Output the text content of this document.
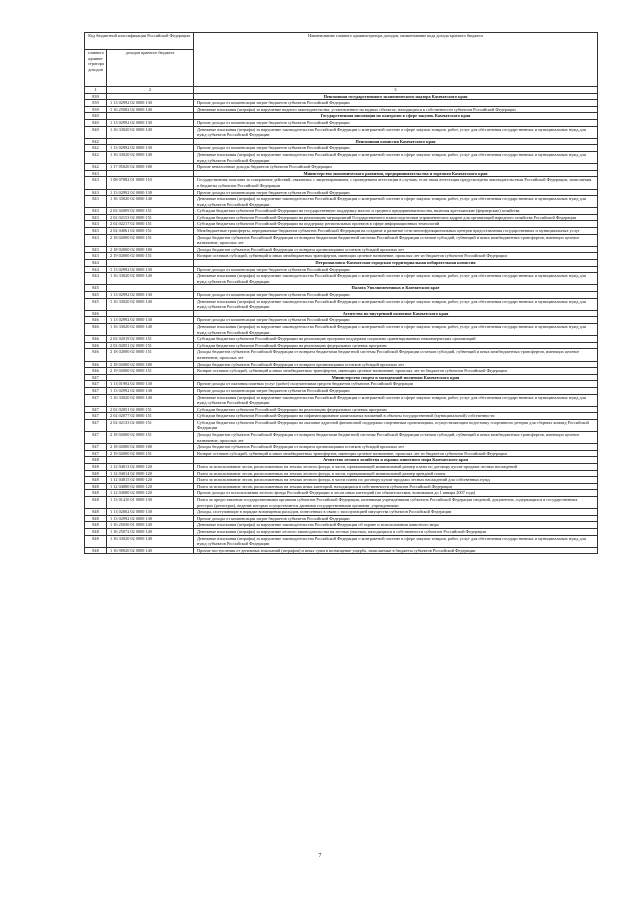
Код бюджетной классификации Российской Федерации		Наименование главного администратора доходов, наименование кода дохода краевого бюджета
главного админи-стратора доходов	доходов краевого бюджета	
1	2	3
839		Пенсионная государственного экономического надзора Камчатского края
839	1 13 02992 02 0000 130	Прочие доходы от компенсации затрат бюджетов субъектов Российской Федерации
839	1 16 25082 02 0000 140	Денежные взыскания (штрафы) за нарушение водного законодательства, установленное на водных объектах, находящихся в собственности субъектов Российской Федерации
840		Государственная инспекция по контролю в сфере закупок Камчатского края
840	1 13 02992 02 0000 130	Прочие доходы от компенсации затрат бюджетов субъектов Российской Федерации
840	1 16 33020 02 0000 140	Денежные взыскания (штрафы) за нарушение законодательства Российской Федерации о контрактной системе в сфере закупок товаров, работ, услуг для обеспечения государственных и муниципальных нужд для нужд субъектов Российской Федерации
842		Пенсионная комиссия Камчатского края
842	1 13 02992 02 0000 130	Прочие доходы от компенсации затрат бюджетов субъектов Российской Федерации
842	1 16 33020 02 0000 140	Денежные взыскания (штрафы) за нарушение законодательства Российской Федерации о контрактной системе в сфере закупок товаров, работ, услуг для обеспечения государственных и муниципальных нужд для нужд субъектов Российской Федерации
842	1 17 05020 02 0000 180	Прочие неналоговые доходы бюджетов субъектов Российской Федерации
843		Министерство экономического развития, предпринимательства и торговли Камчатского края
843	1 08 07082 01 0000 110	Государственная пошлина за совершение действий, связанных с лицензированием, с проведением аттестации в случаях, если такая аттестация предусмотрена законодательством Российской Федерации, зачисляемая в бюджеты субъектов Российской Федерации
843	1 13 02992 02 0000 130	Прочие доходы от компенсации затрат бюджетов субъектов Российской Федерации
843	1 16 33020 02 0000 140	Денежные взыскания (штрафы) за нарушение законодательства Российской Федерации о контрактной системе в сфере закупок товаров, работ, услуг для обеспечения государственных и муниципальных нужд для нужд субъектов Российской Федерации
843	2 02 02009 02 0000 151	Субсидии бюджетам субъектов Российской Федерации на государственную поддержку малого и среднего предпринимательства, включая крестьянские (фермерские) хозяйства
843	2 02 02153 02 0000 151	Субсидии бюджетам субъектов Российской Федерации на реализацию мероприятий Государственного плана подготовки управленческих кадров для организаций народного хозяйства Российской Федерации
843	2 02 02217 02 0000 151	Субсидии бюджетам субъектов Российской Федерации на поддержку региональных проектов в сфере информационных технологий
843	2 02 04061 02 0000 151	Межбюджетные трансферты, передаваемые бюджетам субъектов Российской Федерации на создание и развитие сети многофункциональных центров предоставления государственных и муниципальных услуг
843	2 18 02000 02 0000 151	Доходы бюджетов субъектов Российской Федерации от возврата бюджетами бюджетной системы Российской Федерации остатков субсидий, субвенций и иных межбюджетных трансфертов, имеющих целевое назначение, прошлых лет
843	2 18 02000 02 0000 180	Доходы бюджетов субъектов Российской Федерации от возврата организациями остатков субсидий прошлых лет
843	2 19 02000 02 0000 151	Возврат остатков субсидий, субвенций и иных межбюджетных трансфертов, имеющих целевое назначение, прошлых лет из бюджетов субъектов Российской Федерации
844		Петропавловск-Камчатская городская территориальная избирательная комиссия
844	1 13 02992 02 0000 130	Прочие доходы от компенсации затрат бюджетов субъектов Российской Федерации
844	1 16 33020 02 0000 140	Денежные взыскания (штрафы) за нарушение законодательства Российской Федерации о контрактной системе в сфере закупок товаров, работ, услуг для обеспечения государственных и муниципальных нужд для нужд субъектов Российской Федерации
845		Палата Уполномоченных в Камчатском крае
845	1 13 02992 02 0000 130	Прочие доходы от компенсации затрат бюджетов субъектов Российской Федерации
845	1 16 33020 02 0000 140	Денежные взыскания (штрафы) за нарушение законодательства Российской Федерации о контрактной системе в сфере закупок товаров, работ, услуг для обеспечения государственных и муниципальных нужд для нужд субъектов Российской Федерации
846		Агентство по внутренней политике Камчатского края
846	1 13 02992 02 0000 130	Прочие доходы от компенсации затрат бюджетов субъектов Российской Федерации
846	1 16 33020 02 0000 140	Денежные взыскания (штрафы) за нарушение законодательства Российской Федерации о контрактной системе в сфере закупок товаров, работ, услуг для обеспечения государственных и муниципальных нужд для нужд субъектов Российской Федерации
846	2 02 02019 02 0000 151	Субсидии бюджетам субъектов Российской Федерации на реализацию программ поддержки социально ориентированных некоммерческих организаций
846	2 02 02051 02 0000 151	Субсидии бюджетам субъектов Российской Федерации на реализацию федеральных целевых программ
846	2 18 02000 02 0000 151	Доходы бюджетов субъектов Российской Федерации от возврата бюджетами бюджетной системы Российской Федерации остатков субсидий, субвенций и иных межбюджетных трансфертов, имеющих целевое назначение, прошлых лет
846	2 18 02000 02 0000 180	Доходы бюджетов субъектов Российской Федерации от возврата организациями остатков субсидий прошлых лет
846	2 19 02000 02 0000 151	Возврат остатков субсидий, субвенций и иных межбюджетных трансфертов, имеющих целевое назначение, прошлых лет из бюджетов субъектов Российской Федерации
847		Министерство спорта и молодежной политики Камчатского края
847	1 13 01992 02 0000 130	Прочие доходы от оказания платных услуг (работ) получателями средств бюджетов субъектов Российской Федерации
847	1 13 02992 02 0000 130	Прочие доходы от компенсации затрат бюджетов субъектов Российской Федерации
847	1 16 33020 02 0000 140	Денежные взыскания (штрафы) за нарушение законодательства Российской Федерации о контрактной системе в сфере закупок товаров, работ, услуг для обеспечения государственных и муниципальных нужд для нужд субъектов Российской Федерации
847	2 02 02051 02 0000 151	Субсидии бюджетам субъектов Российской Федерации на реализацию федеральных целевых программ
847	2 02 02077 02 0000 151	Субсидии бюджетам субъектов Российской Федерации на софинансирование капитальных вложений в объекты государственной (муниципальной) собственности
847	2 02 02133 02 0000 151	Субсидии бюджетам субъектов Российской Федерации на оказание адресной финансовой поддержки спортивным организациям, осуществляющим подготовку спортивного резерва для сборных команд Российской Федерации
847	2 18 02000 02 0000 151	Доходы бюджетов субъектов Российской Федерации от возврата бюджетами бюджетной системы Российской Федерации остатков субсидий, субвенций и иных межбюджетных трансфертов, имеющих целевое назначение, прошлых лет
847	2 18 02000 02 0000 180	Доходы бюджетов субъектов Российской Федерации от возврата организациями остатков субсидий прошлых лет
847	2 19 02000 02 0000 151	Возврат остатков субсидий, субвенций и иных межбюджетных трансфертов, имеющих целевое назначение, прошлых лет из бюджетов субъектов Российской Федерации
848		Агентство лесного хозяйства и охраны животного мира Камчатского края
848	1 12 04013 02 0000 120	Плата за использование лесов, расположенных на землях лесного фонда, в части, превышающей минимальный размер платы по договору купли-продажи лесных насаждений
848	1 12 04014 02 0000 120	Плата за использование лесов, расположенных на землях лесного фонда, в части, превышающей минимальный размер арендной платы
848	1 12 04015 02 0000 120	Плата за использование лесов, расположенных на землях лесного фонда, в части платы по договору купли-продажи лесных насаждений для собственных нужд
848	1 12 04080 02 0000 120	Плата за использование лесов, расположенных на землях иных категорий, находящихся в собственности субъектов Российской Федерации
848	1 12 04080 02 0000 120	Прочие доходы от использования лесного фонда Российской Федерации и лесов иных категорий (по обязательствам, возникшим до 1 января 2007 года)
848	1 13 01410 01 0000 130	Плата за предоставление государственными органами субъектов Российской Федерации, казенными учреждениями субъектов Российской Федерации сведений, документов, содержащихся в государственных реестрах (регистрах), ведение которых осуществляется данными государственными органами, учреждениями
848	1 13 02062 02 0000 130	Доходы, поступающие в порядке возмещения расходов, понесенных в связи с эксплуатацией имущества субъектов Российской Федерации
848	1 13 02992 02 0000 130	Прочие доходы от компенсации затрат бюджетов субъектов Российской Федерации
848	1 16 25030 01 0000 140	Денежные взыскания (штрафы) за нарушение законодательства Российской Федерации об охране и использовании животного мира
848	1 16 25072 02 0000 140	Денежные взыскания (штрафы) за нарушение лесного законодательства на лесных участках, находящихся в собственности субъектов Российской Федерации
848	1 16 33020 02 0000 140	Денежные взыскания (штрафы) за нарушение законодательства Российской Федерации о контрактной системе в сфере закупок товаров, работ, услуг для обеспечения государственных и муниципальных нужд для нужд субъектов Российской Федерации
848	1 16 90020 02 0000 140	Прочие поступления от денежных взысканий (штрафов) и иных сумм в возмещение ущерба, зачисляемые в бюджеты субъектов Российской Федерации
7
